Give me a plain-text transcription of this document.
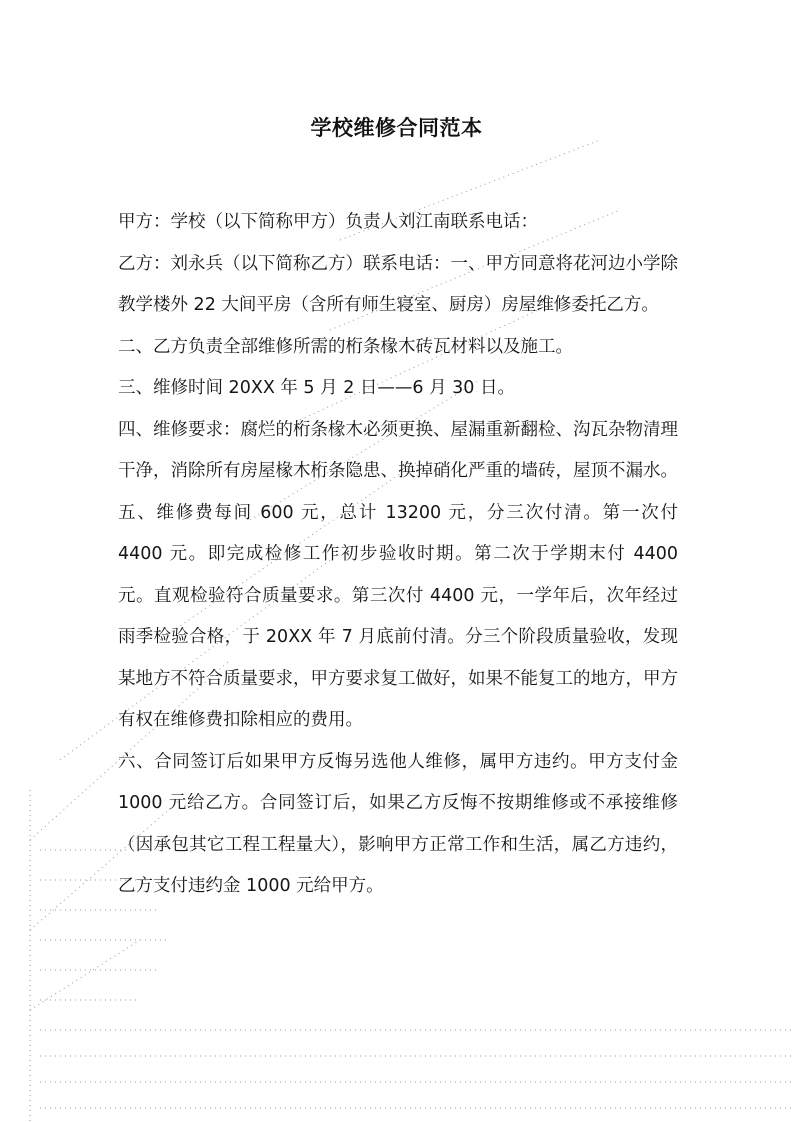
学校维修合同范本

甲方：学校（以下简称甲方）负责人刘江南联系电话：

乙方：刘永兵（以下简称乙方）联系电话：一、甲方同意将花河边小学除教学楼外 22 大间平房（含所有师生寝室、厨房）房屋维修委托乙方。

二、乙方负责全部维修所需的桁条椽木砖瓦材料以及施工。

三、维修时间 20XX 年 5 月 2 日——6 月 30 日。

四、维修要求：腐烂的桁条椽木必须更换、屋漏重新翻检、沟瓦杂物清理干净，消除所有房屋椽木桁条隐患、换掉硝化严重的墙砖，屋顶不漏水。

五、维修费每间 600 元，总计 13200 元，分三次付清。第一次付 4400 元。即完成检修工作初步验收时期。第二次于学期末付 4400 元。直观检验符合质量要求。第三次付 4400 元，一学年后，次年经过雨季检验合格，于 20XX 年 7 月底前付清。分三个阶段质量验收，发现某地方不符合质量要求，甲方要求复工做好，如果不能复工的地方，甲方有权在维修费扣除相应的费用。

六、合同签订后如果甲方反悔另选他人维修，属甲方违约。甲方支付金 1000 元给乙方。合同签订后，如果乙方反悔不按期维修或不承接维修（因承包其它工程工程量大），影响甲方正常工作和生活，属乙方违约，乙方支付违约金 1000 元给甲方。
